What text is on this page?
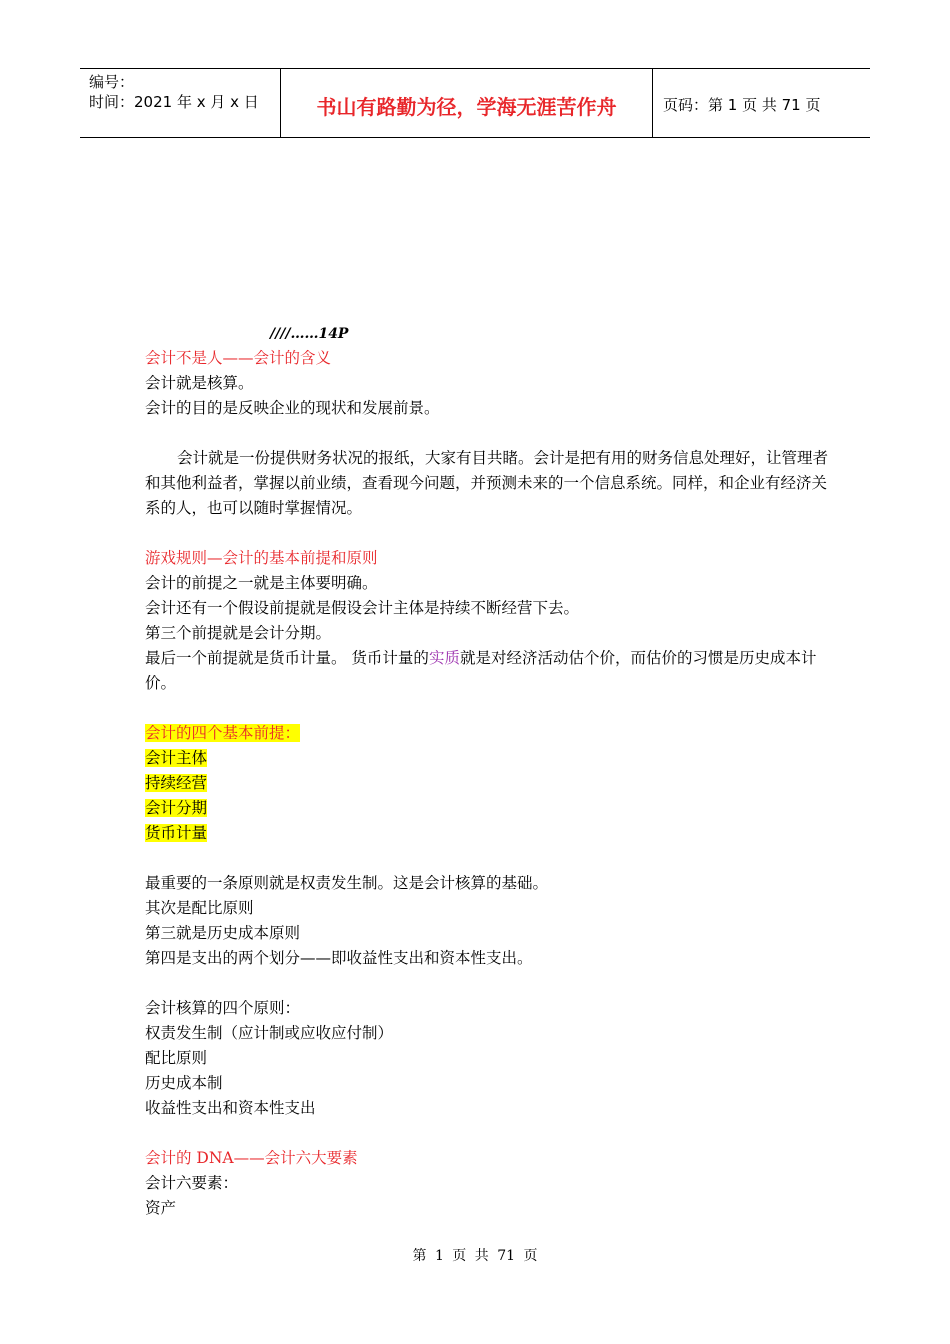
编号：
时间：2021 年 x 月 x 日	书山有路勤为径，学海无涯苦作舟	页码：第 1 页 共 71 页

////……14P

会计不是人——会计的含义

会计就是核算。

会计的目的是反映企业的现状和发展前景。

会计就是一份提供财务状况的报纸，大家有目共睹。会计是把有用的财务信息处理好，让管理者和其他利益者，掌握以前业绩，查看现今问题，并预测未来的一个信息系统。同样，和企业有经济关系的人，也可以随时掌握情况。

游戏规则—会计的基本前提和原则

会计的前提之一就是主体要明确。

会计还有一个假设前提就是假设会计主体是持续不断经营下去。

第三个前提就是会计分期。

最后一个前提就是货币计量。 货币计量的实质就是对经济活动估个价，而估价的习惯是历史成本计价。

会计的四个基本前提：

会计主体

持续经营

会计分期

货币计量

最重要的一条原则就是权责发生制。这是会计核算的基础。

其次是配比原则

第三就是历史成本原则

第四是支出的两个划分——即收益性支出和资本性支出。

会计核算的四个原则：

权责发生制（应计制或应收应付制）

配比原则

历史成本制

收益性支出和资本性支出

会计的 DNA——会计六大要素

会计六要素：

资产

第 1 页 共 71 页
